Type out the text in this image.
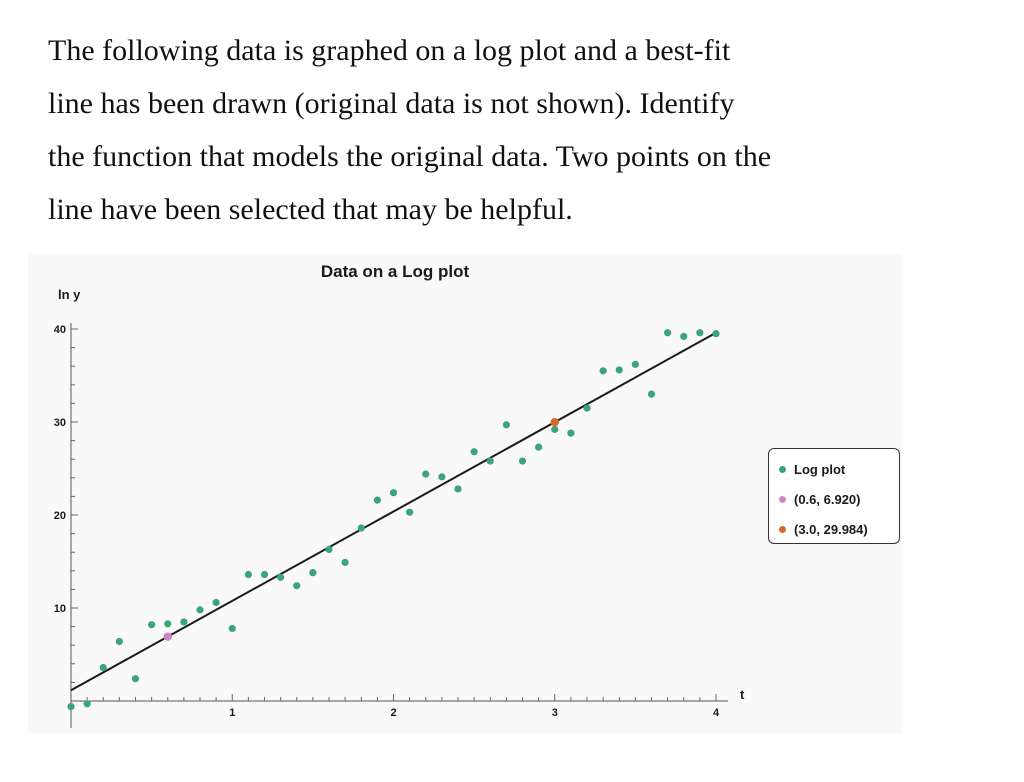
The following data is graphed on a log plot and a best-fit
line has been drawn (original data is not shown). Identify
the function that models the original data. Two points on the
line have been selected that may be helpful.
Data on a Log plot
ln y
t
1	2	3	4
10
20
30
40
Log plot
(0.6, 6.920)
(3.0, 29.984)
